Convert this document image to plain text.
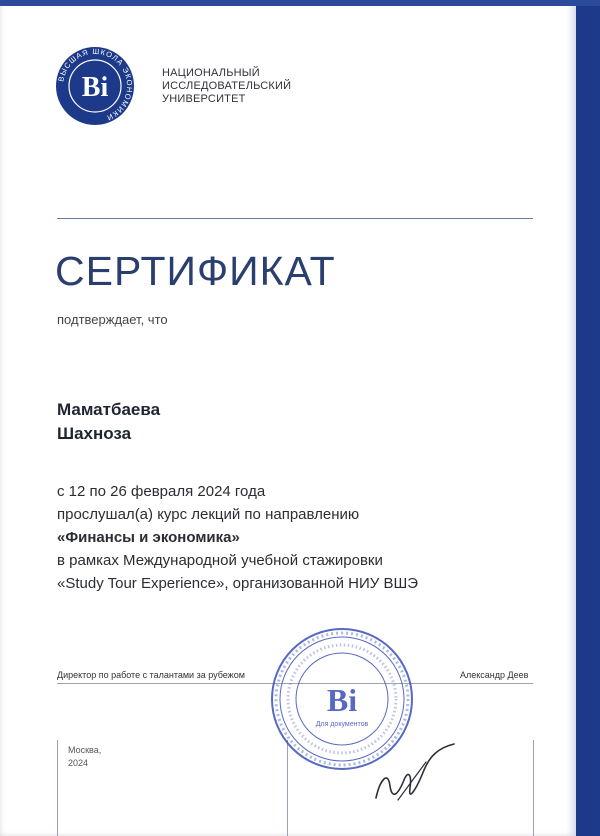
ВЫСШАЯ ШКОЛА ЭКОНОМИКИ
Ві	НАЦИОНАЛЬНЫЙ
ИССЛЕДОВАТЕЛЬСКИЙ
УНИВЕРСИТЕТ
СЕРТИФИКАТ
подтверждает, что
Маматбаева
Шахноза
с 12 по 26 февраля 2024 года
прослушал(а) курс лекций по направлению
«Финансы и экономика»
в рамках Международной учебной стажировки
«Study Tour Experience», организованной НИУ ВШЭ
Директор по работе с талантами за рубежом	Александр Деев
Москва,
2024
Ві
Для документов
